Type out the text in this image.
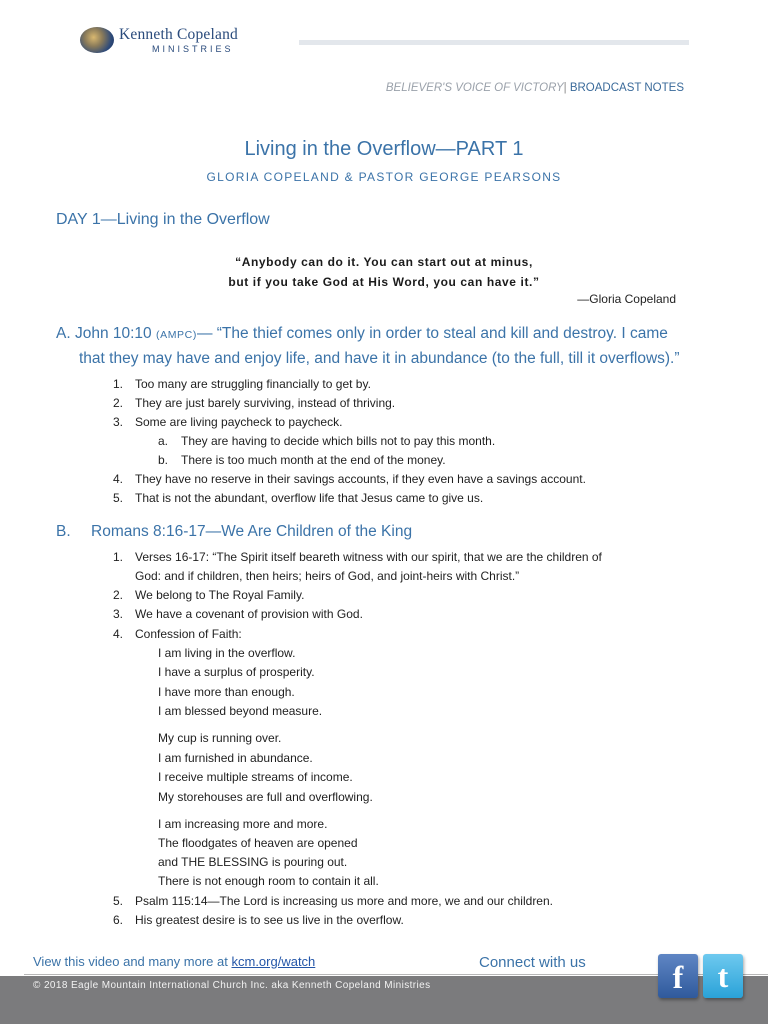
Kenneth Copeland
MINISTRIES
BELIEVER'S VOICE OF VICTORY| BROADCAST NOTES
Living in the Overflow—PART 1
GLORIA COPELAND & PASTOR GEORGE PEARSONS
DAY 1—Living in the Overflow
“Anybody can do it. You can start out at minus,
but if you take God at His Word, you can have it.”
—Gloria Copeland
A. John 10:10 (AMPC)— “The thief comes only in order to steal and kill and destroy. I came
that they may have and enjoy life, and have it in abundance (to the full, till it overflows).”
1. Too many are struggling financially to get by.
2. They are just barely surviving, instead of thriving.
3. Some are living paycheck to paycheck.
a. They are having to decide which bills not to pay this month.
b. There is too much month at the end of the money.
4. They have no reserve in their savings accounts, if they even have a savings account.
5. That is not the abundant, overflow life that Jesus came to give us.
B. Romans 8:16-17—We Are Children of the King
1. Verses 16-17: “The Spirit itself beareth witness with our spirit, that we are the children of
God: and if children, then heirs; heirs of God, and joint-heirs with Christ.”
2. We belong to The Royal Family.
3. We have a covenant of provision with God.
4. Confession of Faith:
I am living in the overflow.
I have a surplus of prosperity.
I have more than enough.
I am blessed beyond measure.
My cup is running over.
I am furnished in abundance.
I receive multiple streams of income.
My storehouses are full and overflowing.
I am increasing more and more.
The floodgates of heaven are opened
and THE BLESSING is pouring out.
There is not enough room to contain it all.
5. Psalm 115:14—The Lord is increasing us more and more, we and our children.
6. His greatest desire is to see us live in the overflow.
View this video and many more at kcm.org/watch	Connect with us
© 2018 Eagle Mountain International Church Inc. aka Kenneth Copeland Ministries	f	t
